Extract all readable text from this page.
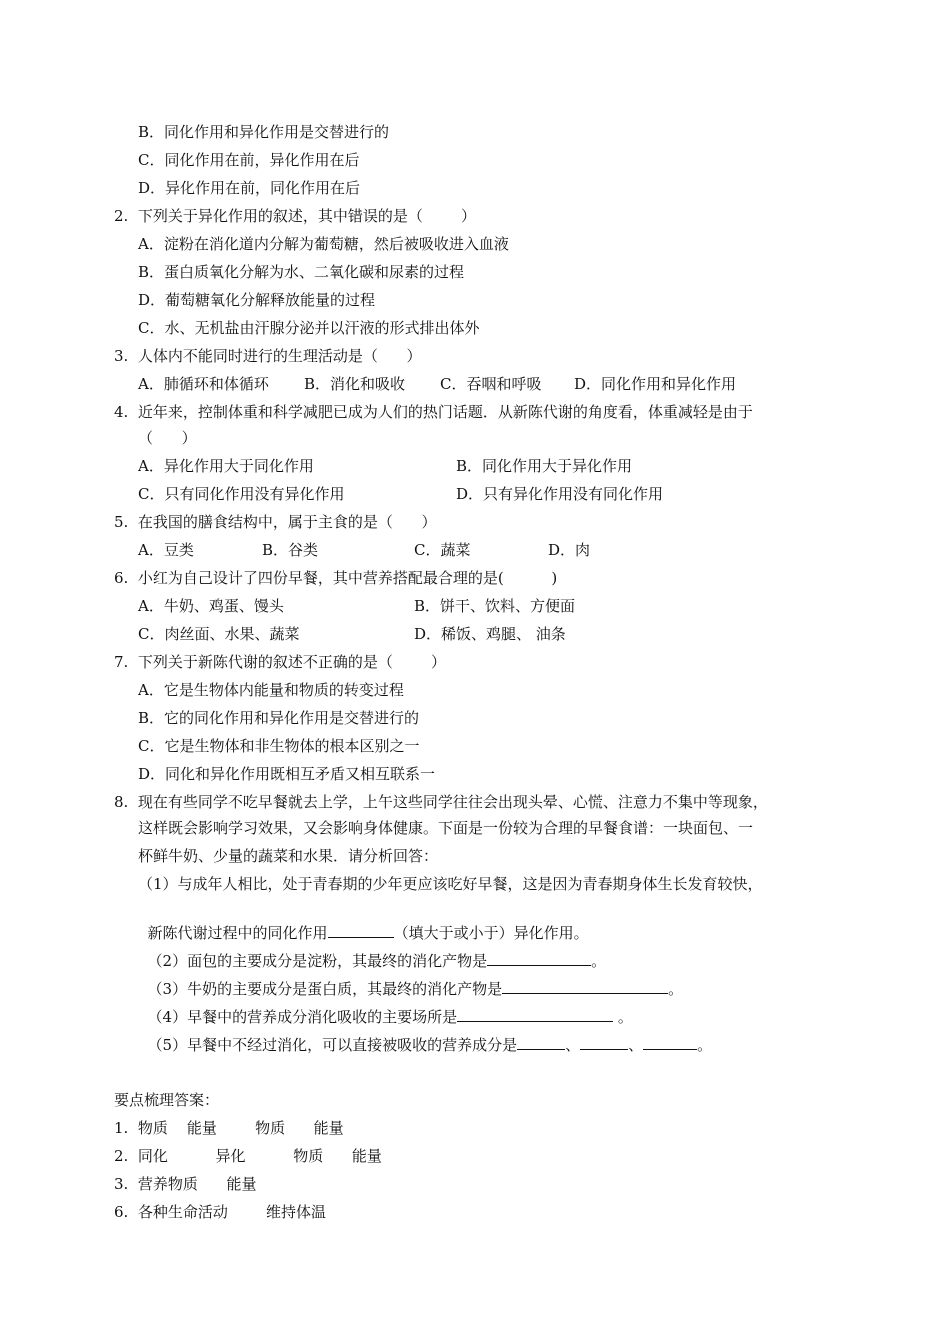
B．同化作用和异化作用是交替进行的
C．同化作用在前，异化作用在后
D．异化作用在前，同化作用在后
2.  下列关于异化作用的叙述，其中错误的是（        ）
A．淀粉在消化道内分解为葡萄糖，然后被吸收进入血液
B．蛋白质氧化分解为水、二氧化碳和尿素的过程
D．葡萄糖氧化分解释放能量的过程
C．水、无机盐由汗腺分泌并以汗液的形式排出体外
3.  人体内不能同时进行的生理活动是（      ）
A．肺循环和体循环 B．消化和吸收 C．吞咽和呼吸 D．同化作用和异化作用
4.  近年来，控制体重和科学减肥已成为人们的热门话题．从新陈代谢的角度看，体重减轻是由于
（      ）
A．异化作用大于同化作用	B．同化作用大于异化作用
C．只有同化作用没有异化作用	D．只有异化作用没有同化作用
5.  在我国的膳食结构中，属于主食的是（      ）
A．豆类	B．谷类	C．蔬菜	D．肉
6.  小红为自己设计了四份早餐，其中营养搭配最合理的是(          )
A．牛奶、鸡蛋、馒头	B．饼干、饮料、方便面
C．肉丝面、水果、蔬菜	D．稀饭、鸡腿、 油条
7.  下列关于新陈代谢的叙述不正确的是（        ）
A．它是生物体内能量和物质的转变过程
B．它的同化作用和异化作用是交替进行的
C．它是生物体和非生物体的根本区别之一
D．同化和异化作用既相互矛盾又相互联系一
8.  现在有些同学不吃早餐就去上学，上午这些同学往往会出现头晕、心慌、注意力不集中等现象，
这样既会影响学习效果，又会影响身体健康。下面是一份较为合理的早餐食谱：一块面包、一
杯鲜牛奶、少量的蔬菜和水果．请分析回答：
（1）与成年人相比，处于青春期的少年更应该吃好早餐，这是因为青春期身体生长发育较快，

新陈代谢过程中的同化作用	（填大于或小于）异化作用。

（2）面包的主要成分是淀粉，其最终的消化产物是	。

（3）牛奶的主要成分是蛋白质，其最终的消化产物是	。

（4）早餐中的营养成分消化吸收的主要场所是	。

（5）早餐中不经过消化，可以直接被吸收的营养成分是	、	、	。

要点梳理答案：
1.  物质    能量        物质      能量
2.  同化          异化          物质      能量
3.  营养物质      能量
6.  各种生命活动        维持体温
